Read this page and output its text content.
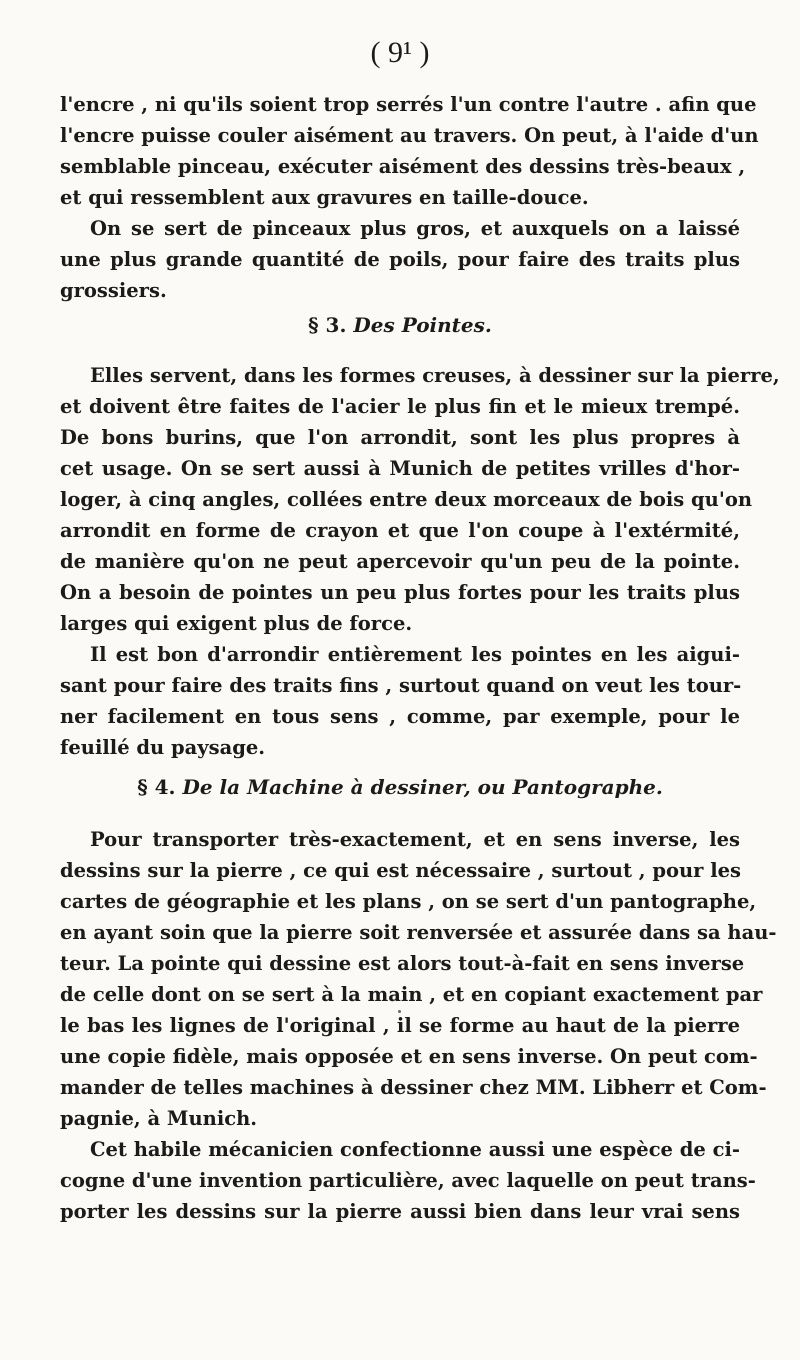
( 9¹ )
l'encre , ni qu'ils soient trop serrés l'un contre l'autre . afin que
l'encre puisse couler aisément au travers. On peut, à l'aide d'un
semblable pinceau, exécuter aisément des dessins très-beaux ,
et qui ressemblent aux gravures en taille-douce.
On se sert de pinceaux plus gros, et auxquels on a laissé
une plus grande quantité de poils, pour faire des traits plus
grossiers.
§ 3. Des Pointes.
Elles servent, dans les formes creuses, à dessiner sur la pierre,
et doivent être faites de l'acier le plus fin et le mieux trempé.
De bons burins, que l'on arrondit, sont les plus propres à
cet usage. On se sert aussi à Munich de petites vrilles d'hor-
loger, à cinq angles, collées entre deux morceaux de bois qu'on
arrondit en forme de crayon et que l'on coupe à l'extérmité,
de manière qu'on ne peut apercevoir qu'un peu de la pointe.
On a besoin de pointes un peu plus fortes pour les traits plus
larges qui exigent plus de force.
Il est bon d'arrondir entièrement les pointes en les aigui-
sant pour faire des traits fins , surtout quand on veut les tour-
ner facilement en tous sens , comme, par exemple, pour le
feuillé du paysage.
§ 4. De la Machine à dessiner, ou Pantographe.
Pour transporter très-exactement, et en sens inverse, les
dessins sur la pierre , ce qui est nécessaire , surtout , pour les
cartes de géographie et les plans , on se sert d'un pantographe,
en ayant soin que la pierre soit renversée et assurée dans sa hau-
teur. La pointe qui dessine est alors tout-à-fait en sens inverse
de celle dont on se sert à la main , et en copiant exactement par
le bas les lignes de l'original , il se forme au haut de la pierre
une copie fidèle, mais opposée et en sens inverse. On peut com-
mander de telles machines à dessiner chez MM. Libherr et Com-
pagnie, à Munich.
Cet habile mécanicien confectionne aussi une espèce de ci-
cogne d'une invention particulière, avec laquelle on peut trans-
porter les dessins sur la pierre aussi bien dans leur vrai sens
